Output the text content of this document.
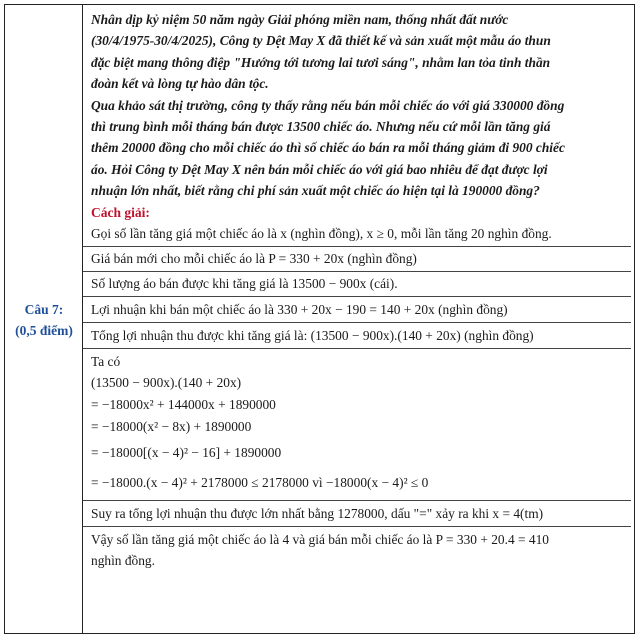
Câu 7:
(0,5 điểm)
Nhân dịp kỷ niệm 50 năm ngày Giải phóng miền nam, thống nhất đất nước
(30/4/1975-30/4/2025), Công ty Dệt May X đã thiết kế và sản xuất một mẫu áo thun
đặc biệt mang thông điệp "Hướng tới tương lai tươi sáng", nhằm lan tỏa tinh thần
đoàn kết và lòng tự hào dân tộc.
Qua khảo sát thị trường, công ty thấy rằng nếu bán mỗi chiếc áo với giá 330000 đồng
thì trung bình mỗi tháng bán được 13500 chiếc áo. Nhưng nếu cứ mỗi lần tăng giá
thêm 20000 đồng cho mỗi chiếc áo thì số chiếc áo bán ra mỗi tháng giảm đi 900 chiếc
áo. Hỏi Công ty Dệt May X nên bán mỗi chiếc áo với giá bao nhiêu để đạt được lợi
nhuận lớn nhất, biết rằng chi phí sản xuất một chiếc áo hiện tại là 190000 đồng?
Cách giải:
Gọi số lần tăng giá một chiếc áo là x (nghìn đồng), x ≥ 0, mỗi lần tăng 20 nghìn đồng.
Giá bán mới cho mỗi chiếc áo là P = 330 + 20x (nghìn đồng)
Số lượng áo bán được khi tăng giá là 13500 − 900x (cái).
Lợi nhuận khi bán một chiếc áo là 330 + 20x − 190 = 140 + 20x (nghìn đồng)
Tổng lợi nhuận thu được khi tăng giá là: (13500 − 900x).(140 + 20x) (nghìn đồng)
Ta có
(13500 − 900x).(140 + 20x)
= −18000x² + 144000x + 1890000
= −18000(x² − 8x) + 1890000
= −18000[(x − 4)² − 16] + 1890000
= −18000.(x − 4)² + 2178000 ≤ 2178000 vì −18000(x − 4)² ≤ 0
Suy ra tổng lợi nhuận thu được lớn nhất bằng 1278000, dấu "=" xảy ra khi x = 4(tm)
Vậy số lần tăng giá một chiếc áo là 4 và giá bán mỗi chiếc áo là P = 330 + 20.4 = 410
nghìn đồng.
